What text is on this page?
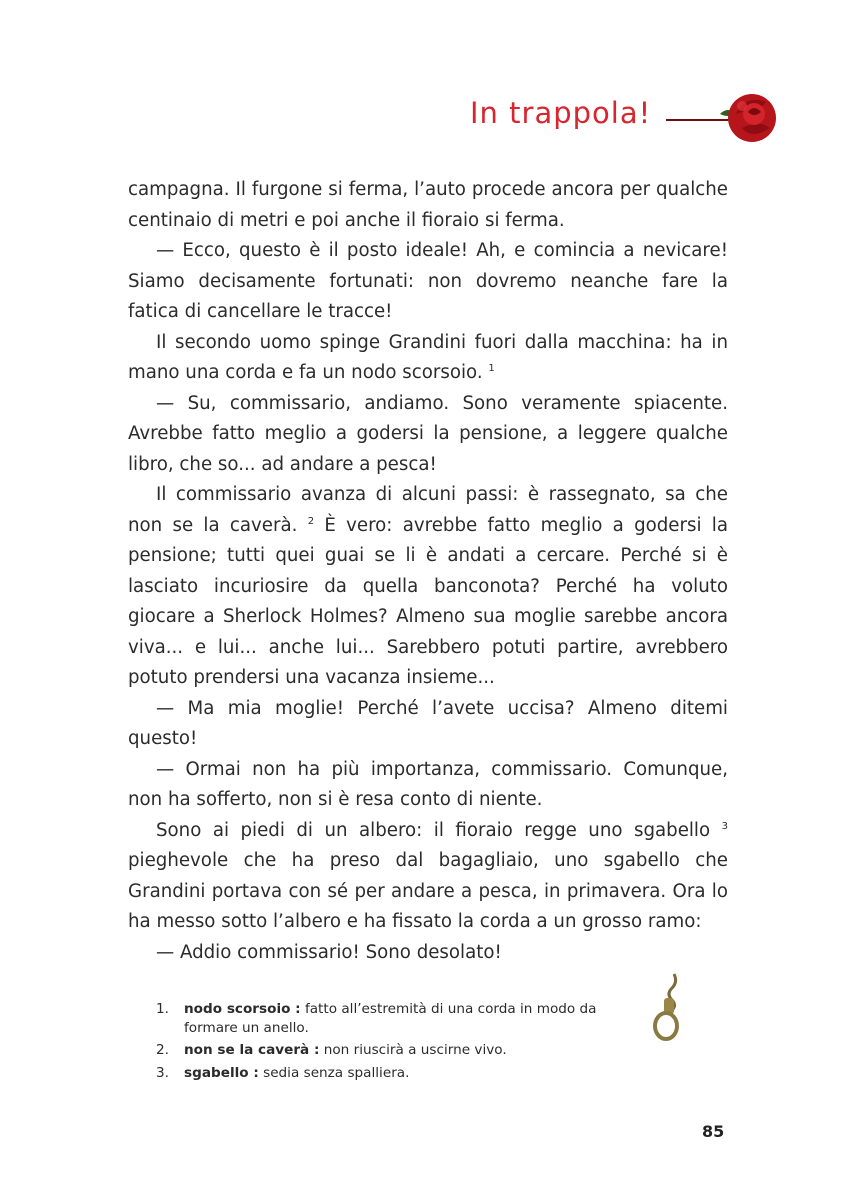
In trappola!

campagna. Il furgone si ferma, l’auto procede ancora per qualche centinaio di metri e poi anche il fioraio si ferma.

— Ecco, questo è il posto ideale! Ah, e comincia a nevicare! Siamo decisamente fortunati: non dovremo neanche fare la fatica di cancellare le tracce!

Il secondo uomo spinge Grandini fuori dalla macchina: ha in mano una corda e fa un nodo scorsoio. $^1$

— Su, commissario, andiamo. Sono veramente spiacente. Avrebbe fatto meglio a godersi la pensione, a leggere qualche libro, che so... ad andare a pesca!

Il commissario avanza di alcuni passi: è rassegnato, sa che non se la caverà. $^2$ È vero: avrebbe fatto meglio a godersi la pensione; tutti quei guai se li è andati a cercare. Perché si è lasciato incuriosire da quella banconota? Perché ha voluto giocare a Sherlock Holmes? Almeno sua moglie sarebbe ancora viva... e lui... anche lui... Sarebbero potuti partire, avrebbero potuto prendersi una vacanza insieme...

— Ma mia moglie! Perché l’avete uccisa? Almeno ditemi questo!

— Ormai non ha più importanza, commissario. Comunque, non ha sofferto, non si è resa conto di niente.

Sono ai piedi di un albero: il fioraio regge uno sgabello $^3$ pieghevole che ha preso dal bagagliaio, uno sgabello che Grandini portava con sé per andare a pesca, in primavera. Ora lo ha messo sotto l’albero e ha fissato la corda a un grosso ramo:

— Addio commissario! Sono desolato!

1. nodo scorsoio : fatto all’estremità di una corda in modo da formare un anello.
2. non se la caverà : non riuscirà a uscirne vivo.
3. sgabello : sedia senza spalliera.
85
